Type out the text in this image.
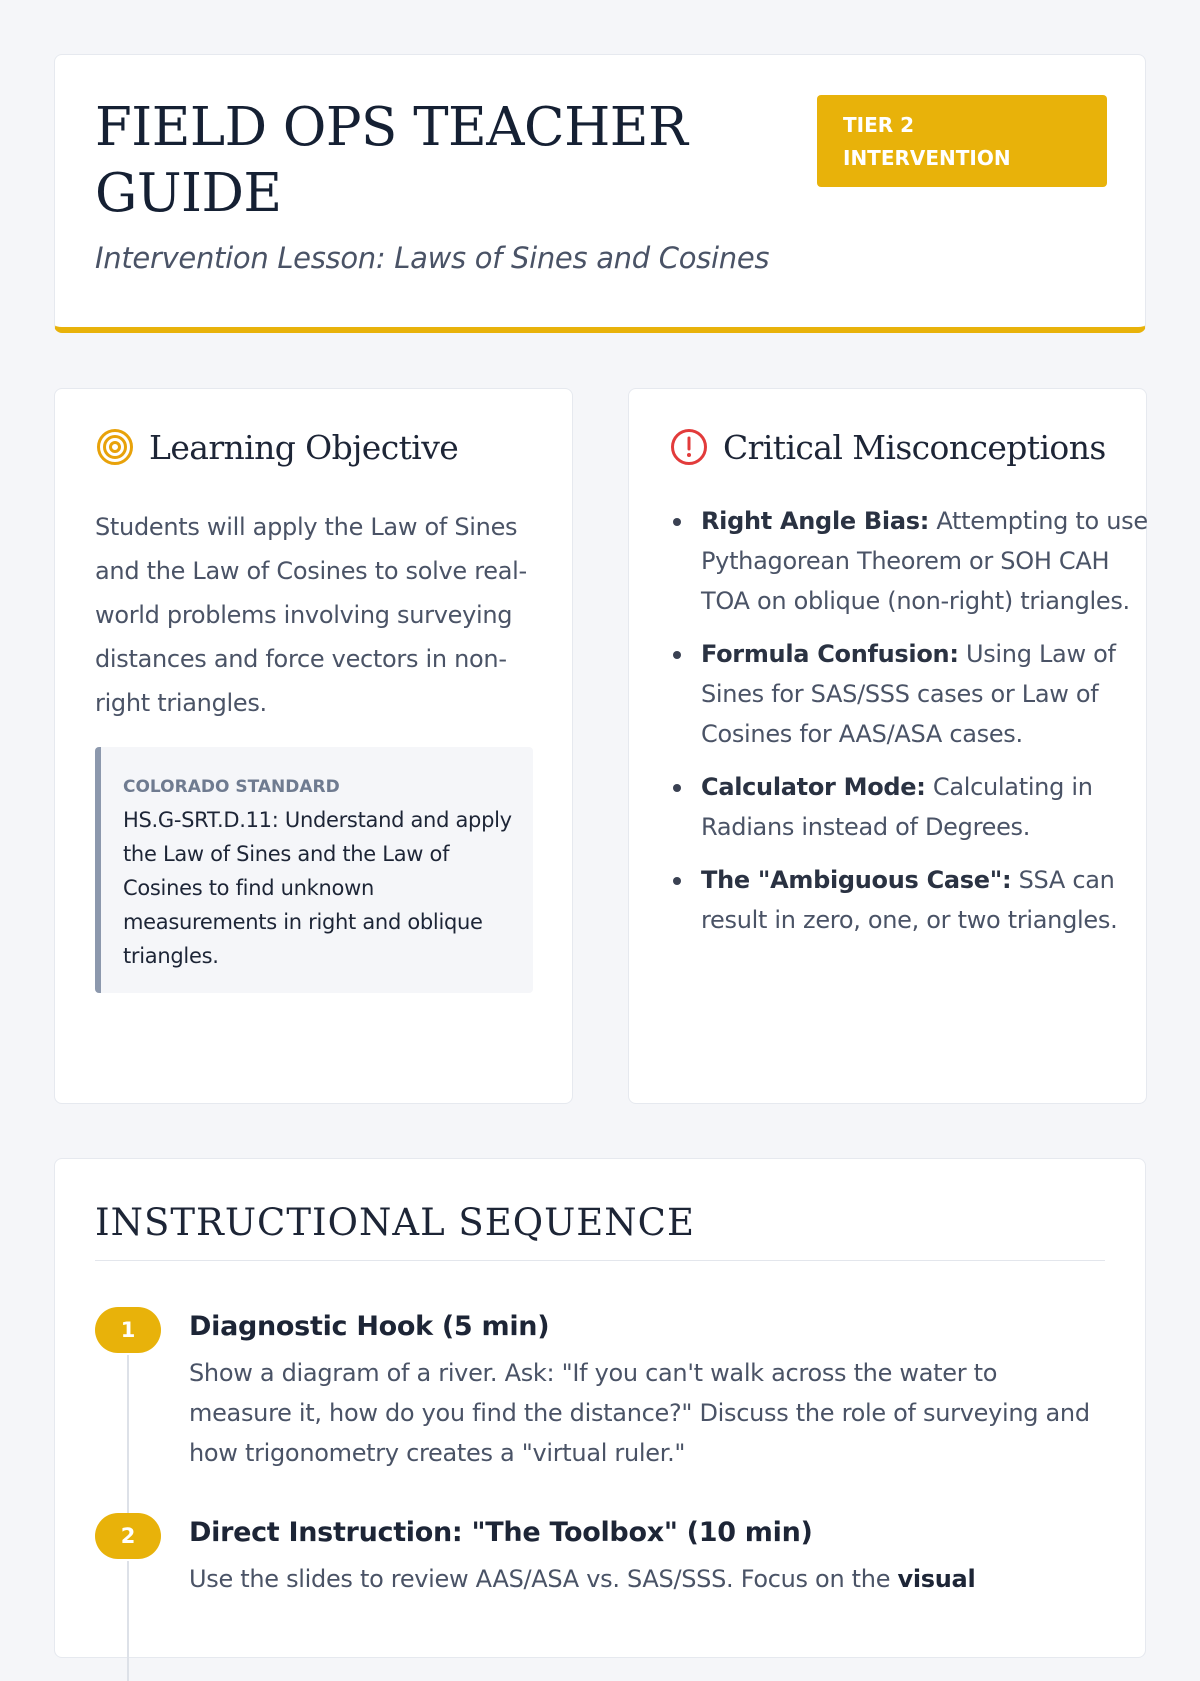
FIELD OPS TEACHER GUIDE

Intervention Lesson: Laws of Sines and Cosines

TIER 2 INTERVENTION
Learning Objective

Students will apply the Law of Sines and the Law of Cosines to solve real-world problems involving surveying distances and force vectors in non-right triangles.

COLORADO STANDARD
HS.G-SRT.D.11: Understand and apply the Law of Sines and the Law of Cosines to find unknown measurements in right and oblique triangles.
Critical Misconceptions
Right Angle Bias: Attempting to use Pythagorean Theorem or SOH CAH TOA on oblique (non-right) triangles.
Formula Confusion: Using Law of Sines for SAS/SSS cases or Law of Cosines for AAS/ASA cases.
Calculator Mode: Calculating in Radians instead of Degrees.
The "Ambiguous Case": SSA can result in zero, one, or two triangles.
INSTRUCTIONAL SEQUENCE
1	Diagnostic Hook (5 min)

Show a diagram of a river. Ask: "If you can't walk across the water to measure it, how do you find the distance?" Discuss the role of surveying and how trigonometry creates a "virtual ruler."

2	Direct Instruction: "The Toolbox" (10 min)

Use the slides to review AAS/ASA vs. SAS/SSS. Focus on the visual
